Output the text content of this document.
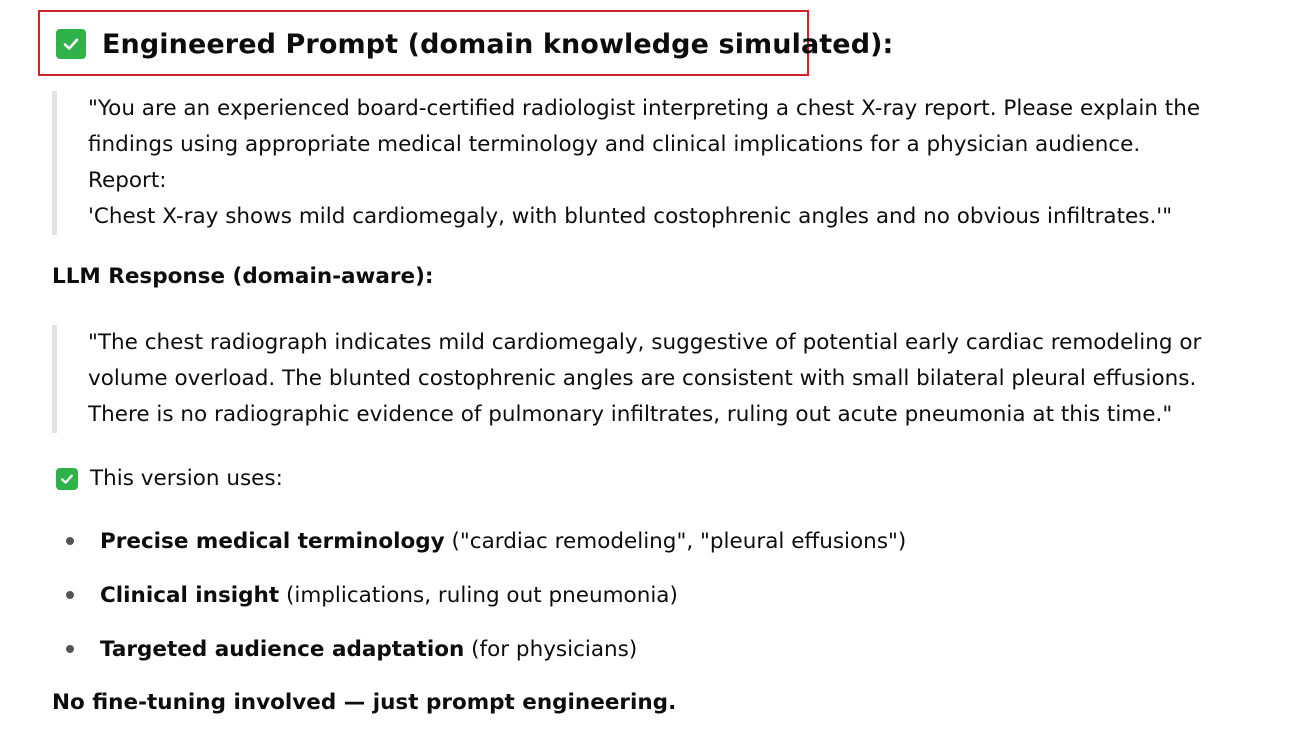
Engineered Prompt (domain knowledge simulated):
"You are an experienced board-certified radiologist interpreting a chest X-ray report. Please explain the
findings using appropriate medical terminology and clinical implications for a physician audience.
Report:
'Chest X-ray shows mild cardiomegaly, with blunted costophrenic angles and no obvious infiltrates.'"
LLM Response (domain-aware):
"The chest radiograph indicates mild cardiomegaly, suggestive of potential early cardiac remodeling or
volume overload. The blunted costophrenic angles are consistent with small bilateral pleural effusions.
There is no radiographic evidence of pulmonary infiltrates, ruling out acute pneumonia at this time."
This version uses:
Precise medical terminology ("cardiac remodeling", "pleural effusions")
Clinical insight (implications, ruling out pneumonia)
Targeted audience adaptation (for physicians)
No fine-tuning involved — just prompt engineering.
